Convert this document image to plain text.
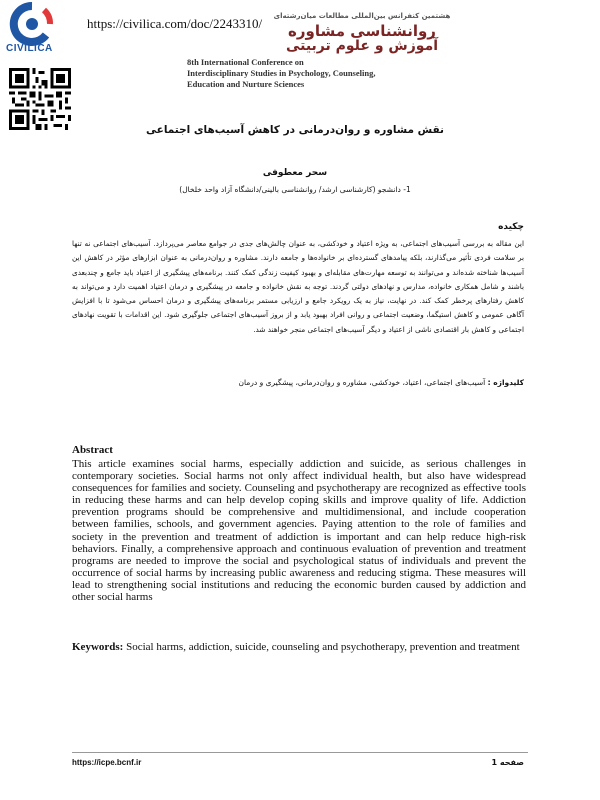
CIVILICA
https://civilica.com/doc/2243310/	هشتمین کنفرانس بین‌المللی مطالعات میان‌رشته‌ای
روانشناسی مشاوره
آموزش و علوم تربیتی
8th International Conference on
Interdisciplinary Studies in Psychology, Counseling,
Education and Nurture Sciences
نقش مشاوره و روان‌درمانی در کاهش آسیب‌های اجتماعی
سحر معطوفی
1- دانشجو (کارشناسی ارشد/ روانشناسی بالینی/دانشگاه آزاد واحد خلخال)
چکیده
این مقاله به بررسی آسیب‌های اجتماعی، به ویژه اعتیاد و خودکشی، به عنوان چالش‌های جدی در جوامع معاصر می‌پردازد. آسیب‌های اجتماعی نه تنها بر سلامت فردی تأثیر می‌گذارند، بلکه پیامدهای گسترده‌ای بر خانواده‌ها و جامعه دارند. مشاوره و روان‌درمانی به عنوان ابزارهای مؤثر در کاهش این آسیب‌ها شناخته شده‌اند و می‌توانند به توسعه مهارت‌های مقابله‌ای و بهبود کیفیت زندگی کمک کنند. برنامه‌های پیشگیری از اعتیاد باید جامع و چندبعدی باشند و شامل همکاری خانواده، مدارس و نهادهای دولتی گردند. توجه به نقش خانواده و جامعه در پیشگیری و درمان اعتیاد اهمیت دارد و می‌تواند به کاهش رفتارهای پرخطر کمک کند. در نهایت، نیاز به یک رویکرد جامع و ارزیابی مستمر برنامه‌های پیشگیری و درمان احساس می‌شود تا با افزایش آگاهی عمومی و کاهش استیگما، وضعیت اجتماعی و روانی افراد بهبود یابد و از بروز آسیب‌های اجتماعی جلوگیری شود. این اقدامات با تقویت نهادهای اجتماعی و کاهش بار اقتصادی ناشی از اعتیاد و دیگر آسیب‌های اجتماعی منجر خواهند شد.
کلیدواژه : آسیب‌های اجتماعی، اعتیاد، خودکشی، مشاوره و روان‌درمانی، پیشگیری و درمان
Abstract
This article examines social harms, especially addiction and suicide, as serious challenges in contemporary societies. Social harms not only affect individual health, but also have widespread consequences for families and society. Counseling and psychotherapy are recognized as effective tools in reducing these harms and can help develop coping skills and improve quality of life. Addiction prevention programs should be comprehensive and multidimensional, and include cooperation between families, schools, and government agencies. Paying attention to the role of families and society in the prevention and treatment of addiction is important and can help reduce high-risk behaviors. Finally, a comprehensive approach and continuous evaluation of prevention and treatment programs are needed to improve the social and psychological status of individuals and prevent the occurrence of social harms by increasing public awareness and reducing stigma. These measures will lead to strengthening social institutions and reducing the economic burden caused by addiction and other social harms
Keywords: Social harms, addiction, suicide, counseling and psychotherapy, prevention and treatment
https://icpe.bcnf.ir	صفحه 1
